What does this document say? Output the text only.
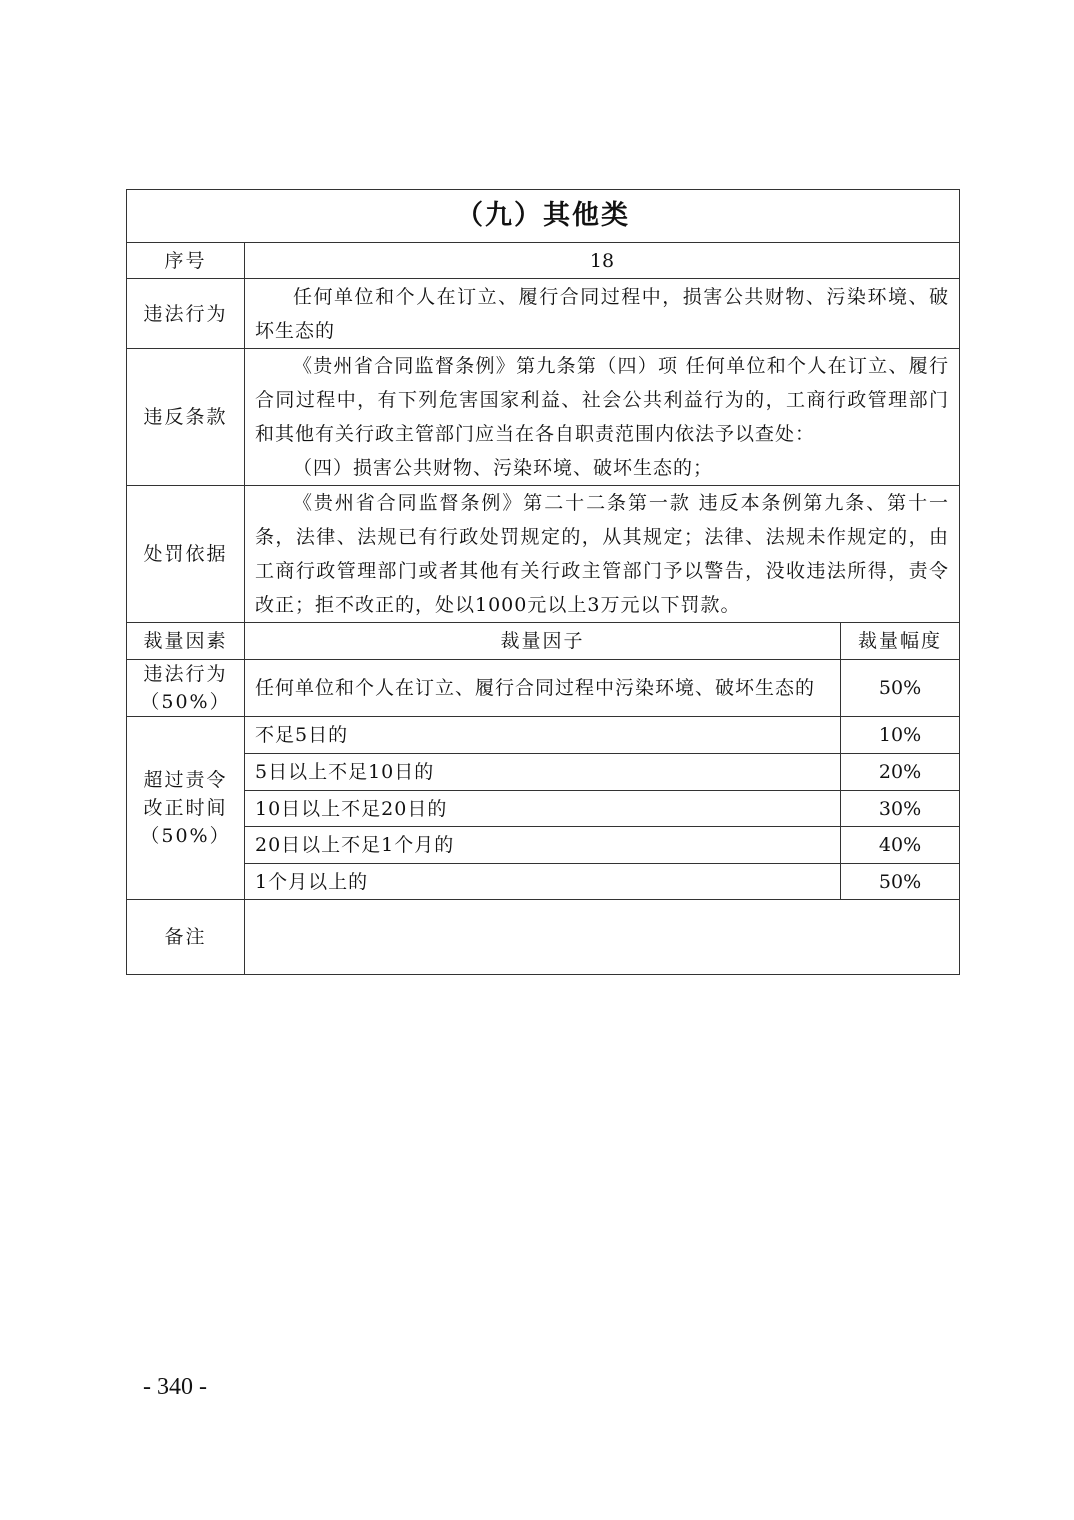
（九）其他类		
序号	18	
违法行为	任何单位和个人在订立、履行合同过程中，损害公共财物、污染环境、破坏生态的	

违反条款	《贵州省合同监督条例》第九条第（四）项 任何单位和个人在订立、履行合同过程中，有下列危害国家利益、社会公共利益行为的，工商行政管理部门和其他有关行政主管部门应当在各自职责范围内依法予以查处：

（四）损害公共财物、污染环境、破坏生态的；	

处罚依据	《贵州省合同监督条例》第二十二条第一款 违反本条例第九条、第十一条，法律、法规已有行政处罚规定的，从其规定；法律、法规未作规定的，由工商行政管理部门或者其他有关行政主管部门予以警告，没收违法所得，责令改正；拒不改正的，处以1000元以上3万元以下罚款。	

裁量因素	裁量因子	裁量幅度

违法行为
（50%）	任何单位和个人在订立、履行合同过程中污染环境、破坏生态的	50%

超过责令
改正时间
（50%）	不足5日的	10%
	5日以上不足10日的	20%
	10日以上不足20日的	30%
	20日以上不足1个月的	40%
	1个月以上的	50%
备注		
- 340 -
